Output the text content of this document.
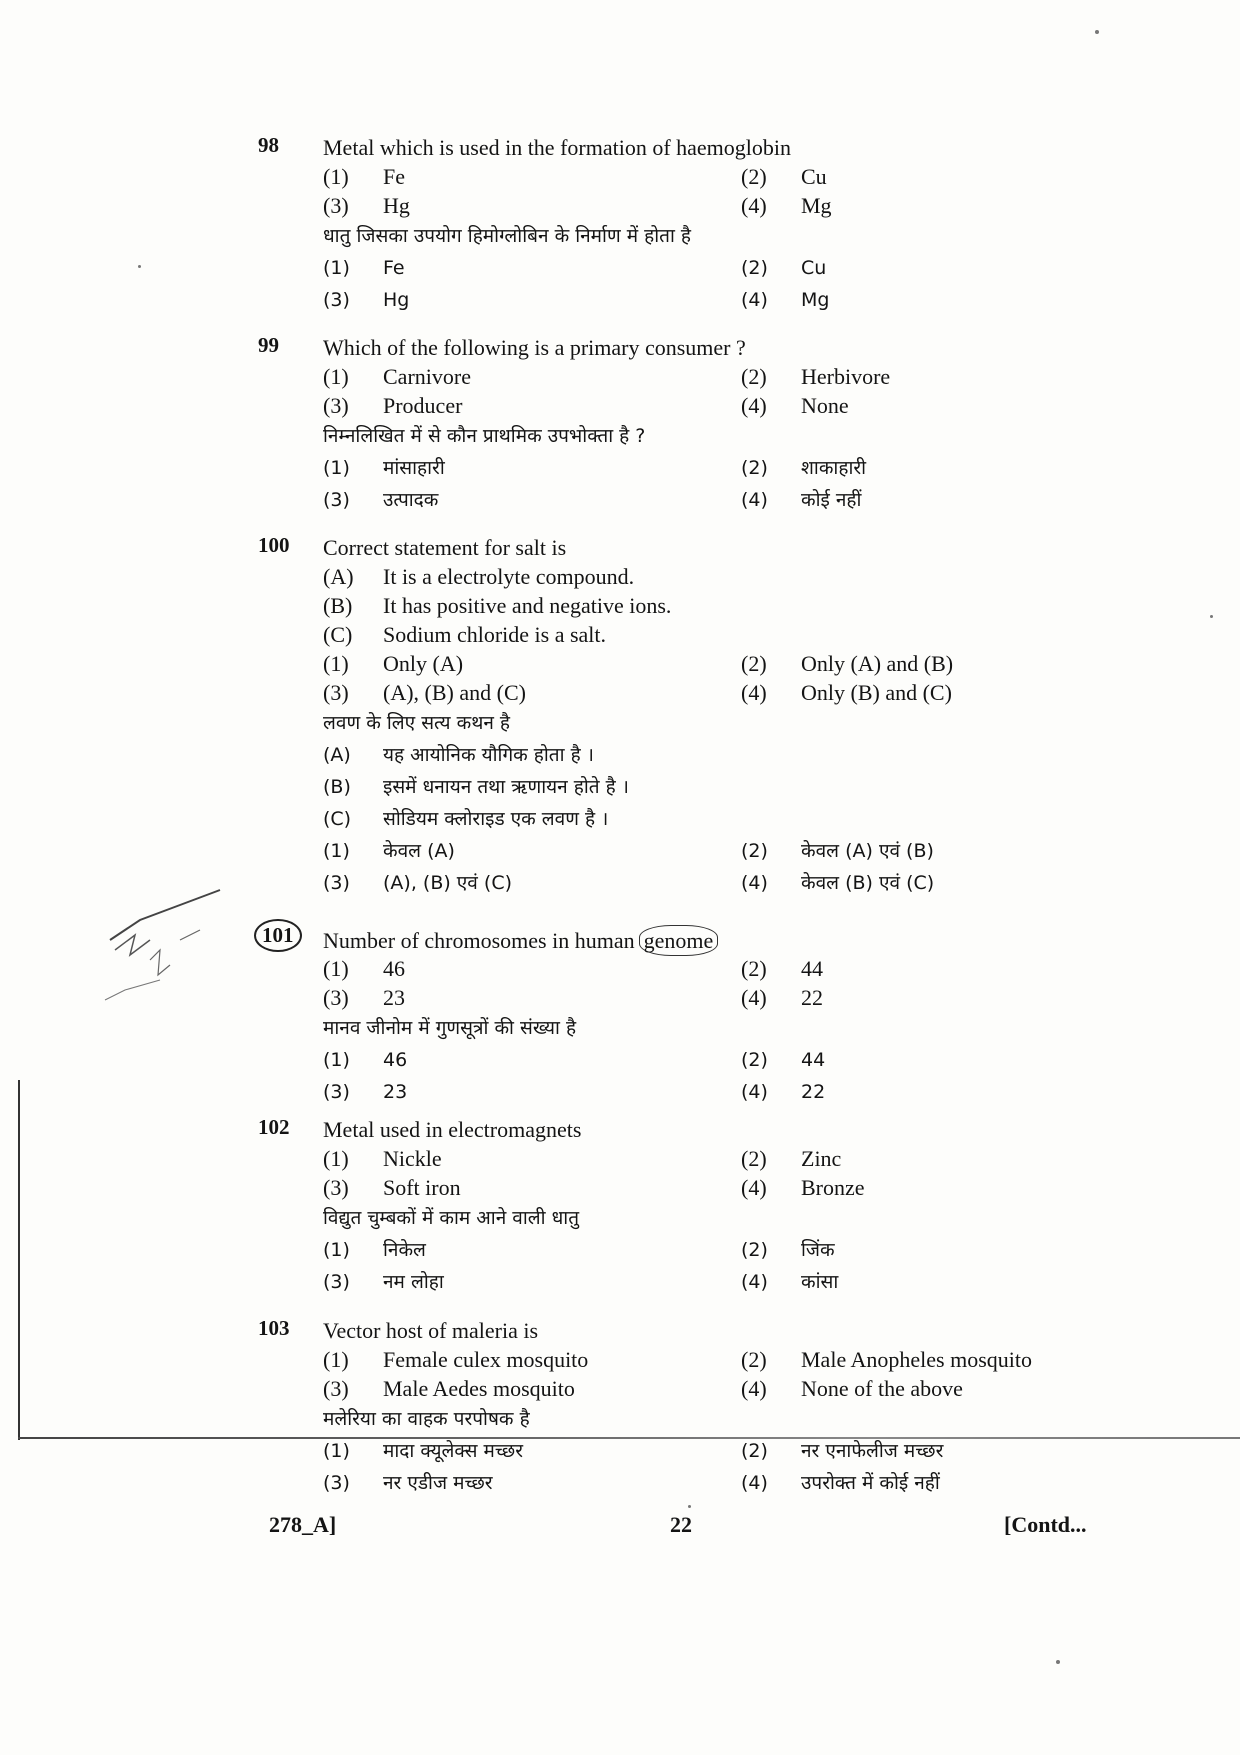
98 Metal which is used in the formation of haemoglobin
(1) Fe	(2) Cu
(3) Hg	(4) Mg
धातु जिसका उपयोग हिमोग्लोबिन के निर्माण में होता है
(1) Fe	(2) Cu
(3) Hg	(4) Mg
99 Which of the following is a primary consumer ?
(1) Carnivore	(2) Herbivore
(3) Producer	(4) None
निम्नलिखित में से कौन प्राथमिक उपभोक्ता है ?
(1) मांसाहारी	(2) शाकाहारी
(3) उत्पादक	(4) कोई नहीं
100 Correct statement for salt is
(A) It is a electrolyte compound.
(B) It has positive and negative ions.
(C) Sodium chloride is a salt.
(1) Only (A)	(2) Only (A) and (B)
(3) (A), (B) and (C)	(4) Only (B) and (C)
लवण के लिए सत्य कथन है
(A) यह आयोनिक यौगिक होता है ।
(B) इसमें धनायन तथा ऋणायन होते है ।
(C) सोडियम क्लोराइड एक लवण है ।
(1) केवल (A)	(2) केवल (A) एवं (B)
(3) (A), (B) एवं (C)	(4) केवल (B) एवं (C)
101	Number of chromosomes in human genome
(1) 46	(2) 44
(3) 23	(4) 22
मानव जीनोम में गुणसूत्रों की संख्या है
(1) 46	(2) 44
(3) 23	(4) 22
102 Metal used in electromagnets
(1) Nickle	(2) Zinc
(3) Soft iron	(4) Bronze
विद्युत चुम्बकों में काम आने वाली धातु
(1) निकेल	(2) जिंक
(3) नम लोहा	(4) कांसा
103 Vector host of maleria is
(1) Female culex mosquito	(2) Male Anopheles mosquito
(3) Male Aedes mosquito	(4) None of the above
मलेरिया का वाहक परपोषक है
(1) मादा क्यूलेक्स मच्छर	(2) नर एनाफेलीज मच्छर
(3) नर एडीज मच्छर	(4) उपरोक्त में कोई नहीं
278_A]	22	[Contd...
